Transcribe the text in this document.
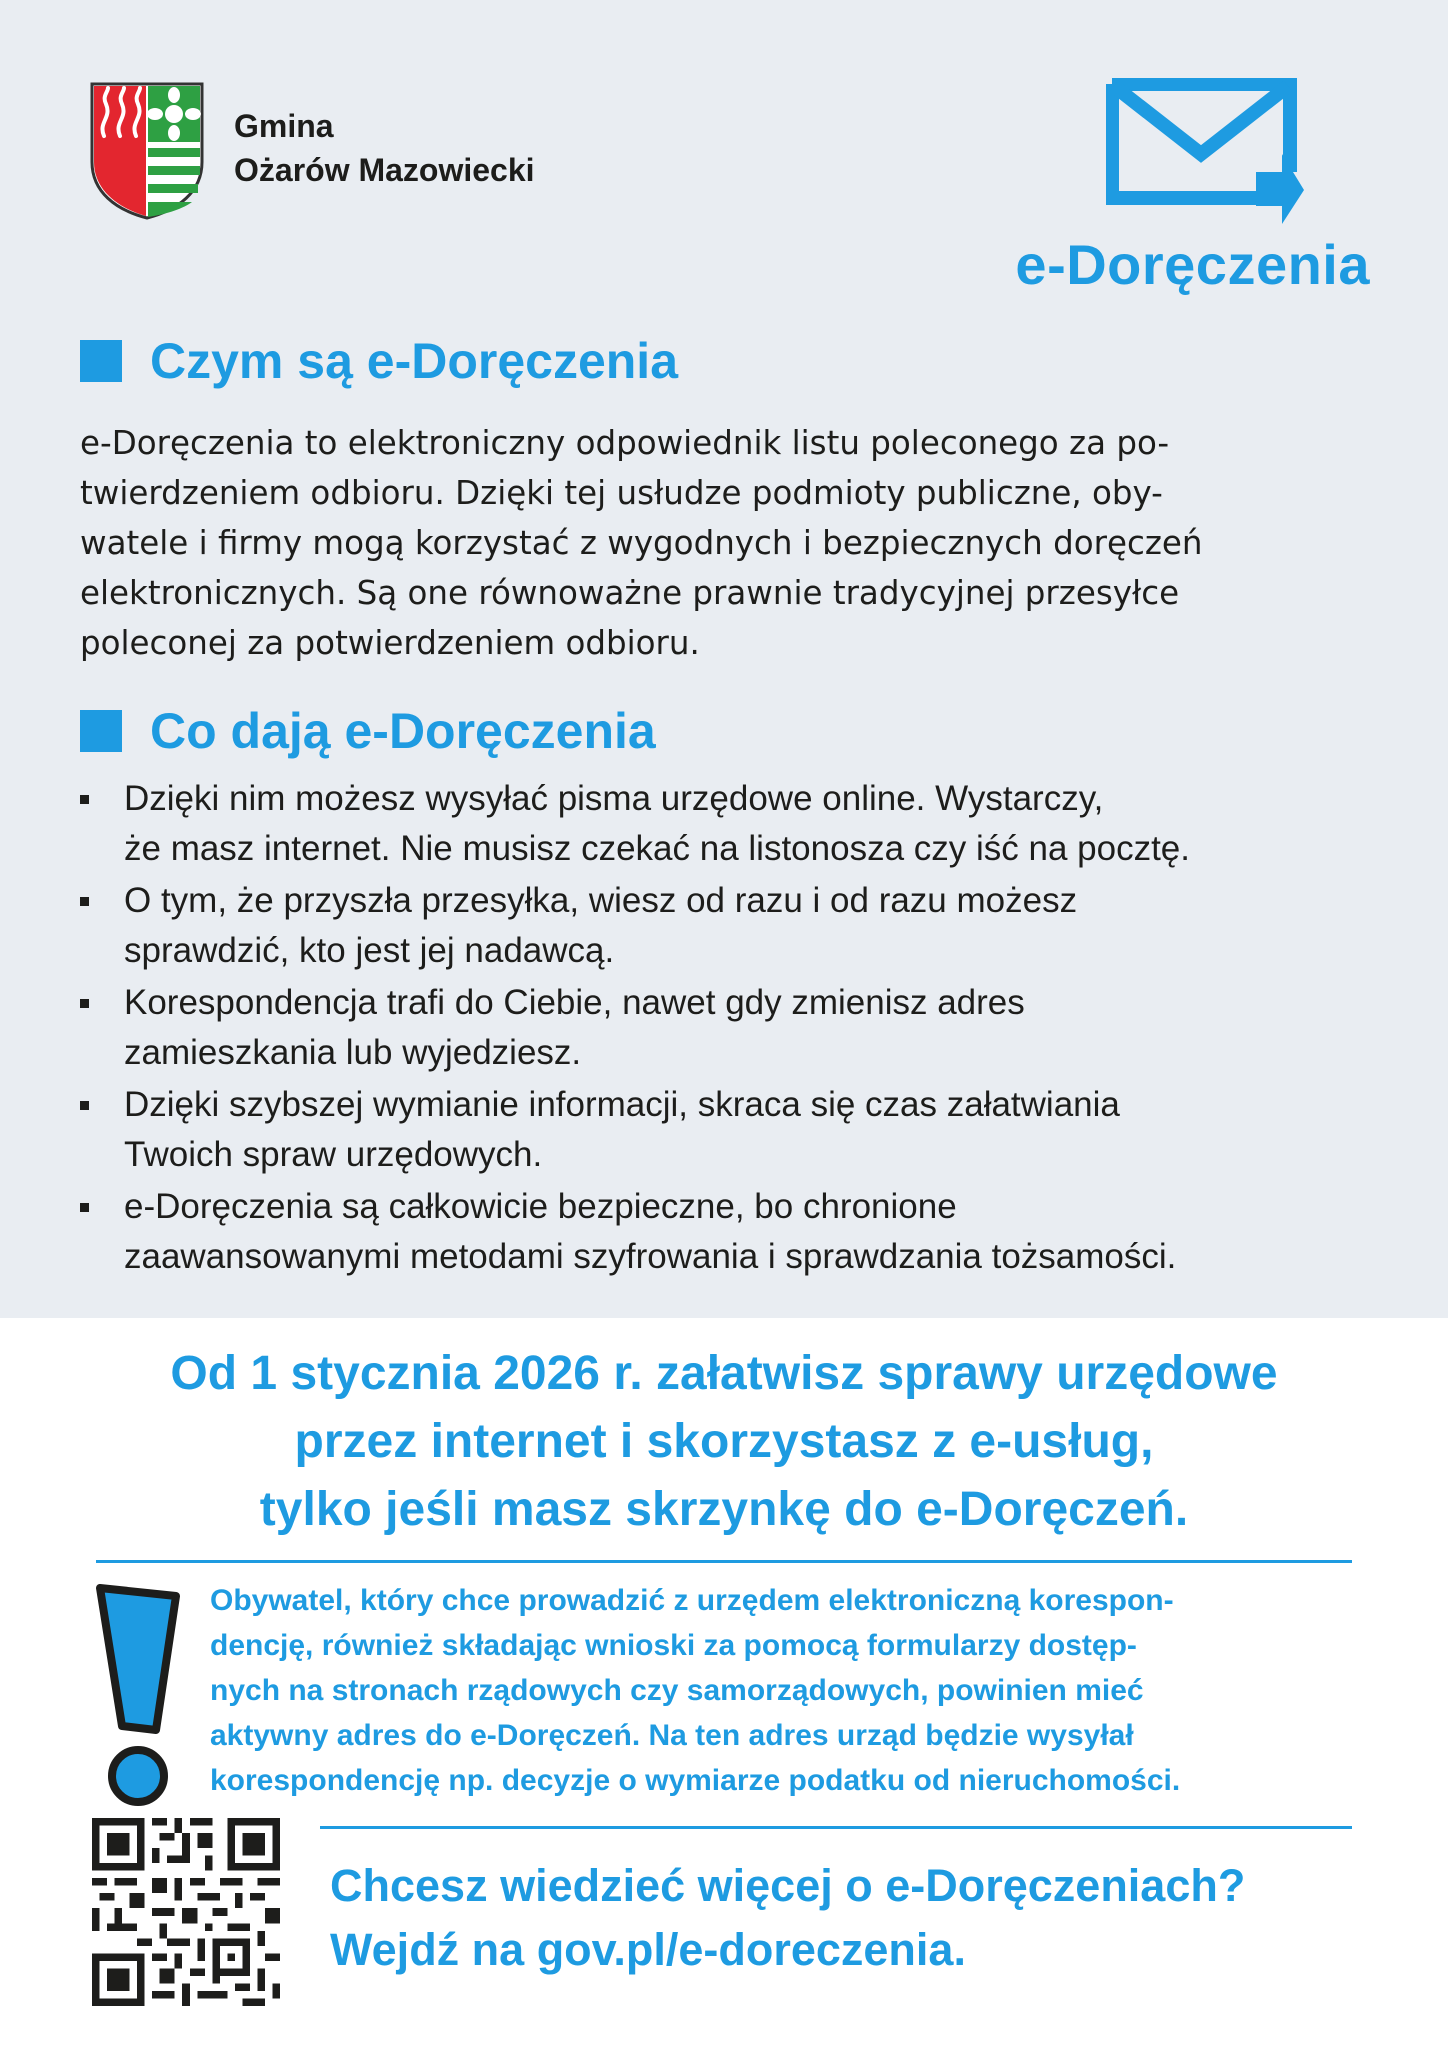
Gmina
Ożarów Mazowiecki
e-Doręczenia
Czym są e-Doręczenia
e-Doręczenia to elektroniczny odpowiednik listu poleconego za po-
twierdzeniem odbioru. Dzięki tej usłudze podmioty publiczne, oby-
watele i firmy mogą korzystać z wygodnych i bezpiecznych doręczeń
elektronicznych. Są one równoważne prawnie tradycyjnej przesyłce
poleconej za potwierdzeniem odbioru.
Co dają e-Doręczenia
Dzięki nim możesz wysyłać pisma urzędowe online. Wystarczy,
że masz internet. Nie musisz czekać na listonosza czy iść na pocztę.
O tym, że przyszła przesyłka, wiesz od razu i od razu możesz
sprawdzić, kto jest jej nadawcą.
Korespondencja trafi do Ciebie, nawet gdy zmienisz adres
zamieszkania lub wyjedziesz.
Dzięki szybszej wymianie informacji, skraca się czas załatwiania
Twoich spraw urzędowych.
e-Doręczenia są całkowicie bezpieczne, bo chronione
zaawansowanymi metodami szyfrowania i sprawdzania tożsamości.
Od 1 stycznia 2026 r. załatwisz sprawy urzędowe
przez internet i skorzystasz z e-usług,
tylko jeśli masz skrzynkę do e-Doręczeń.
Obywatel, który chce prowadzić z urzędem elektroniczną korespon-
dencję, również składając wnioski za pomocą formularzy dostęp-
nych na stronach rządowych czy samorządowych, powinien mieć
aktywny adres do e-Doręczeń. Na ten adres urząd będzie wysyłał
korespondencję np. decyzje o wymiarze podatku od nieruchomości.
Chcesz wiedzieć więcej o e-Doręczeniach?
Wejdź na gov.pl/e-doreczenia.
